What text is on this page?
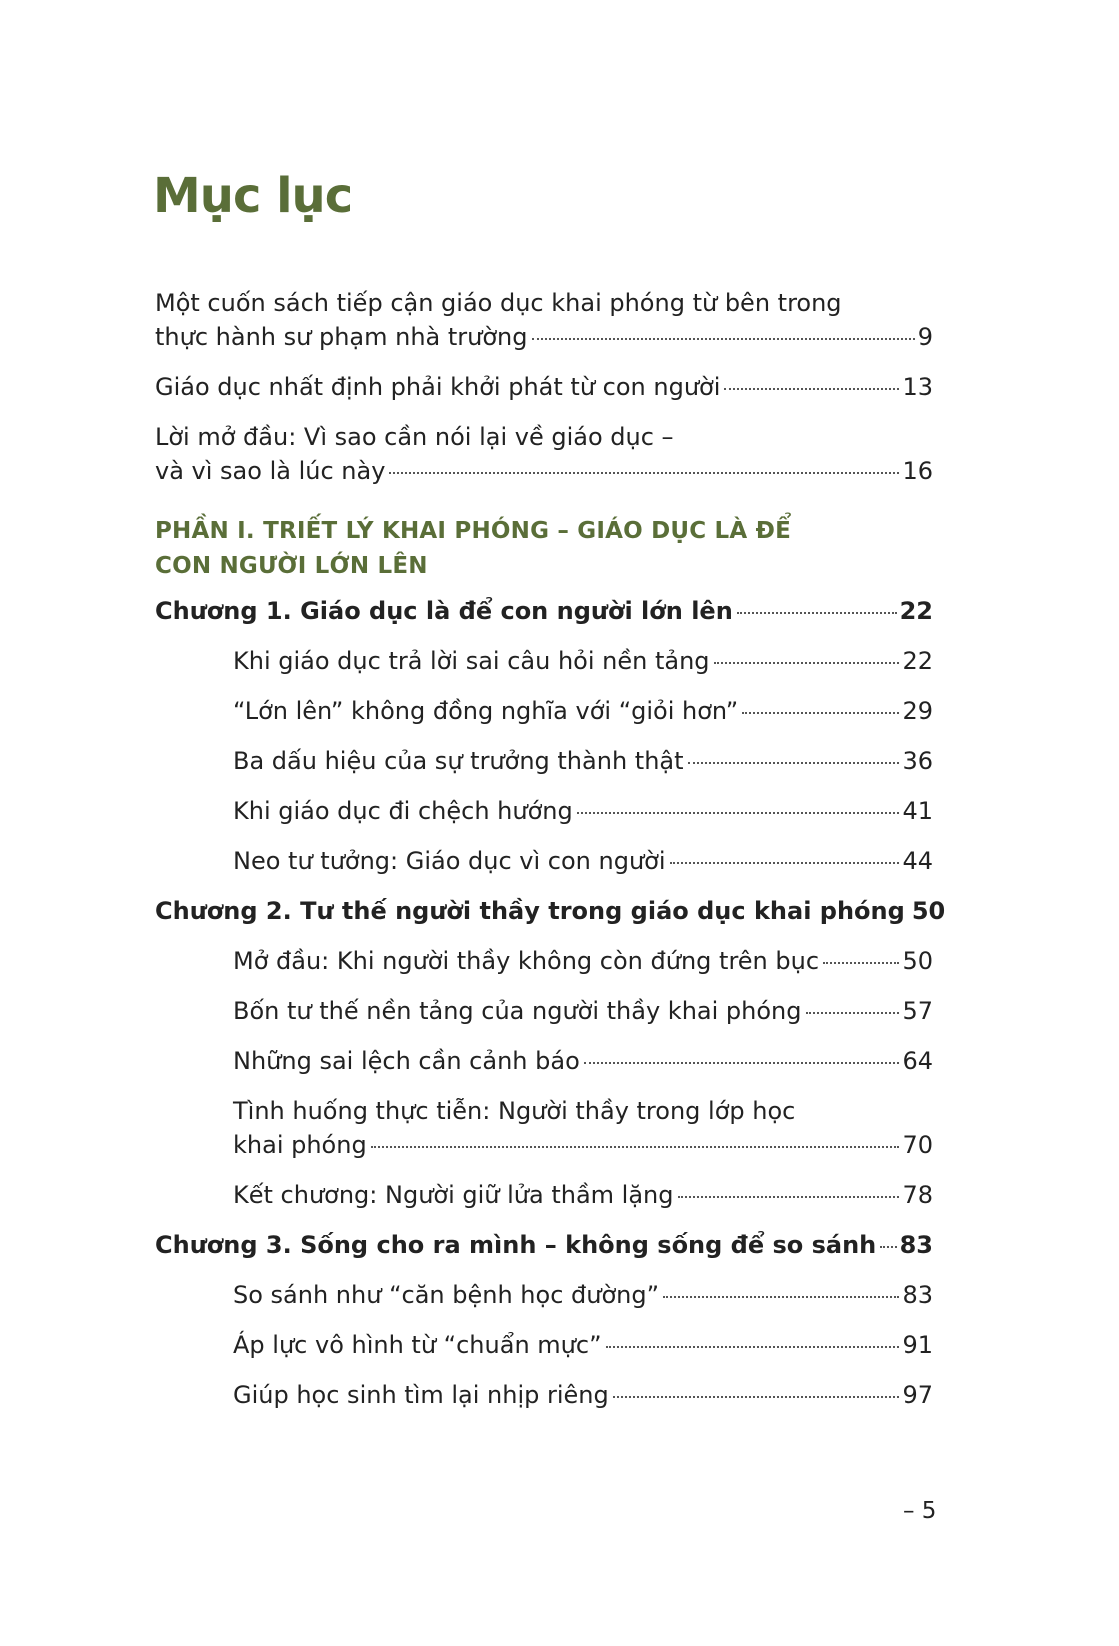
Mục lục
Một cuốn sách tiếp cận giáo dục khai phóng từ bên trong
thực hành sư phạm nhà trường	9
Giáo dục nhất định phải khởi phát từ con người	13
Lời mở đầu: Vì sao cần nói lại về giáo dục –
và vì sao là lúc này	16
PHẦN I. TRIẾT LÝ KHAI PHÓNG – GIÁO DỤC LÀ ĐỂ
CON NGƯỜI LỚN LÊN
Chương 1. Giáo dục là để con người lớn lên	22
Khi giáo dục trả lời sai câu hỏi nền tảng	22
“Lớn lên” không đồng nghĩa với “giỏi hơn”	29
Ba dấu hiệu của sự trưởng thành thật	36
Khi giáo dục đi chệch hướng	41
Neo tư tưởng: Giáo dục vì con người	44
Chương 2. Tư thế người thầy trong giáo dục khai phóng 50
Mở đầu: Khi người thầy không còn đứng trên bục	50
Bốn tư thế nền tảng của người thầy khai phóng	57
Những sai lệch cần cảnh báo	64
Tình huống thực tiễn: Người thầy trong lớp học
khai phóng	70
Kết chương: Người giữ lửa thầm lặng	78
Chương 3. Sống cho ra mình – không sống để so sánh 83
So sánh như “căn bệnh học đường”	83
Áp lực vô hình từ “chuẩn mực”	91
Giúp học sinh tìm lại nhịp riêng	97
– 5
